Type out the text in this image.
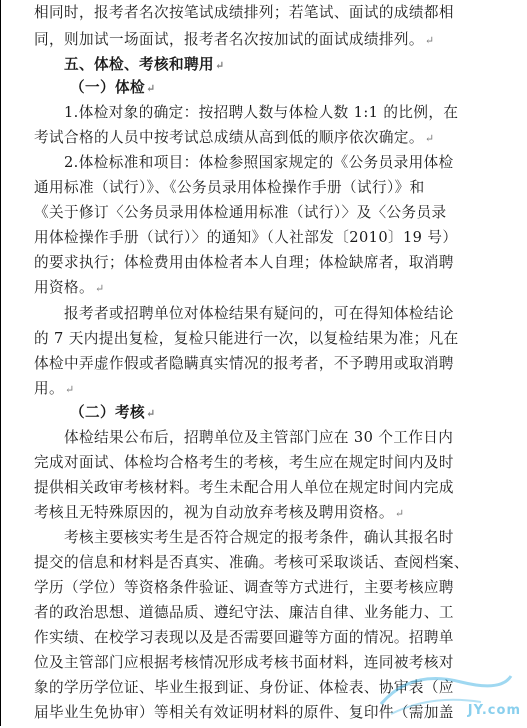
相同时，报考者名次按笔试成绩排列；若笔试、面试的成绩都相
同，则加试一场面试，报考者名次按加试的面试成绩排列。↵
五、体检、考核和聘用↵
（一）体检↵
1.体检对象的确定：按招聘人数与体检人数 1:1 的比例，在
考试合格的人员中按考试总成绩从高到低的顺序依次确定。↵
2.体检标准和项目：体检参照国家规定的《公务员录用体检
通用标准（试行）》、《公务员录用体检操作手册（试行）》和
《关于修订〈公务员录用体检通用标准（试行）〉及〈公务员录
用体检操作手册（试行）〉的通知》（人社部发〔2010〕19 号）
的要求执行；体检费用由体检者本人自理；体检缺席者，取消聘
用资格。↵
报考者或招聘单位对体检结果有疑问的，可在得知体检结论
的 7 天内提出复检，复检只能进行一次，以复检结果为准；凡在
体检中弄虚作假或者隐瞒真实情况的报考者，不予聘用或取消聘
用。↵
（二）考核↵
体检结果公布后，招聘单位及主管部门应在 30 个工作日内
完成对面试、体检均合格考生的考核，考生应在规定时间内及时
提供相关政审考核材料。考生未配合用人单位在规定时间内完成
考核且无特殊原因的，视为自动放弃考核及聘用资格。↵
考核主要核实考生是否符合规定的报考条件，确认其报名时
提交的信息和材料是否真实、准确。考核可采取谈话、查阅档案、
学历（学位）等资格条件验证、调查等方式进行，主要考核应聘
者的政治思想、道德品质、遵纪守法、廉洁自律、业务能力、工
作实绩、在校学习表现以及是否需要回避等方面的情况。招聘单
位及主管部门应根据考核情况形成考核书面材料，连同被考核对
象的学历学位证、毕业生报到证、身份证、体检表、协审表（应
届毕业生免协审）等相关有效证明材料的原件、复印件（需加盖 JY.com
